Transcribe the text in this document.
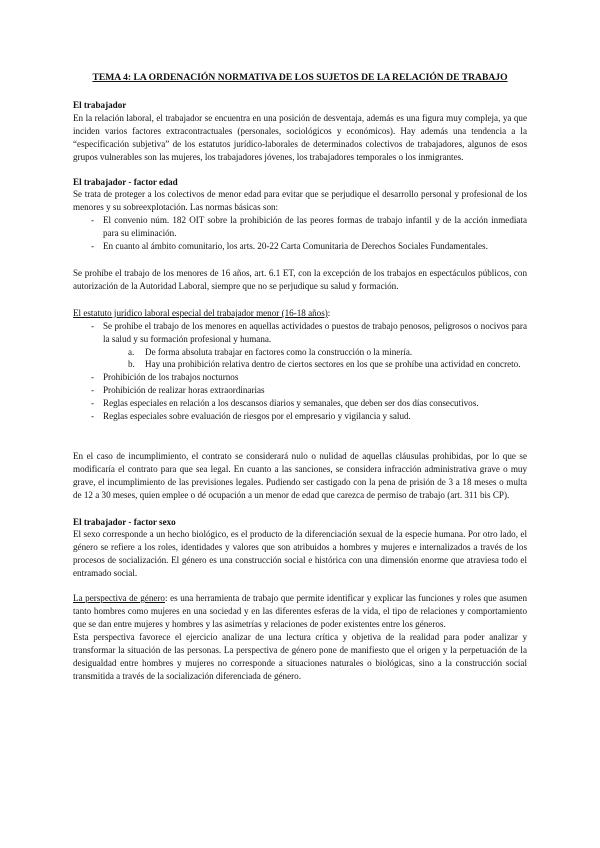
TEMA 4: LA ORDENACIÓN NORMATIVA DE LOS SUJETOS DE LA RELACIÓN DE TRABAJO
El trabajador

En la relación laboral, el trabajador se encuentra en una posición de desventaja, además es una figura muy compleja, ya que inciden varios factores extracontractuales (personales, sociológicos y económicos). Hay además una tendencia a la “especificación subjetiva” de los estatutos jurídico-laborales de determinados colectivos de trabajadores, algunos de esos grupos vulnerables son las mujeres, los trabajadores jóvenes, los trabajadores temporales o los inmigrantes.

El trabajador - factor edad

Se trata de proteger a los colectivos de menor edad para evitar que se perjudique el desarrollo personal y profesional de los menores y su sobreexplotación. Las normas básicas son:

- El convenio núm. 182 OIT sobre la prohibición de las peores formas de trabajo infantil y de la acción inmediata para su eliminación.
- En cuanto al ámbito comunitario, los arts. 20-22 Carta Comunitaria de Derechos Sociales Fundamentales.

Se prohíbe el trabajo de los menores de 16 años, art. 6.1 ET, con la excepción de los trabajos en espectáculos públicos, con autorización de la Autoridad Laboral, siempre que no se perjudique su salud y formación.

El estatuto jurídico laboral especial del trabajador menor (16-18 años):

- Se prohíbe el trabajo de los menores en aquellas actividades o puestos de trabajo penosos, peligrosos o nocivos para la salud y su formación profesional y humana.
a. De forma absoluta trabajar en factores como la construcción o la minería.
b. Hay una prohibición relativa dentro de ciertos sectores en los que se prohíbe una actividad en concreto.
- Prohibición de los trabajos nocturnos
- Prohibición de realizar horas extraordinarias
- Reglas especiales en relación a los descansos diarios y semanales, que deben ser dos días consecutivos.
- Reglas especiales sobre evaluación de riesgos por el empresario y vigilancia y salud.

En el caso de incumplimiento, el contrato se considerará nulo o nulidad de aquellas cláusulas prohibidas, por lo que se modificaría el contrato para que sea legal. En cuanto a las sanciones, se considera infracción administrativa grave o muy grave, el incumplimiento de las previsiones legales. Pudiendo ser castigado con la pena de prisión de 3 a 18 meses o multa de 12 a 30 meses, quien emplee o dé ocupación a un menor de edad que carezca de permiso de trabajo (art. 311 bis CP).

El trabajador - factor sexo

El sexo corresponde a un hecho biológico, es el producto de la diferenciación sexual de la especie humana. Por otro lado, el género se refiere a los roles, identidades y valores que son atribuidos a hombres y mujeres e internalizados a través de los procesos de socialización. El género es una construcción social e histórica con una dimensión enorme que atraviesa todo el entramado social.

La perspectiva de género: es una herramienta de trabajo que permite identificar y explicar las funciones y roles que asumen tanto hombres como mujeres en una sociedad y en las diferentes esferas de la vida, el tipo de relaciones y comportamiento que se dan entre mujeres y hombres y las asimetrías y relaciones de poder existentes entre los géneros.

Esta perspectiva favorece el ejercicio analizar de una lectura crítica y objetiva de la realidad para poder analizar y transformar la situación de las personas. La perspectiva de género pone de manifiesto que el origen y la perpetuación de la desigualdad entre hombres y mujeres no corresponde a situaciones naturales o biológicas, sino a la construcción social transmitida a través de la socialización diferenciada de género.
